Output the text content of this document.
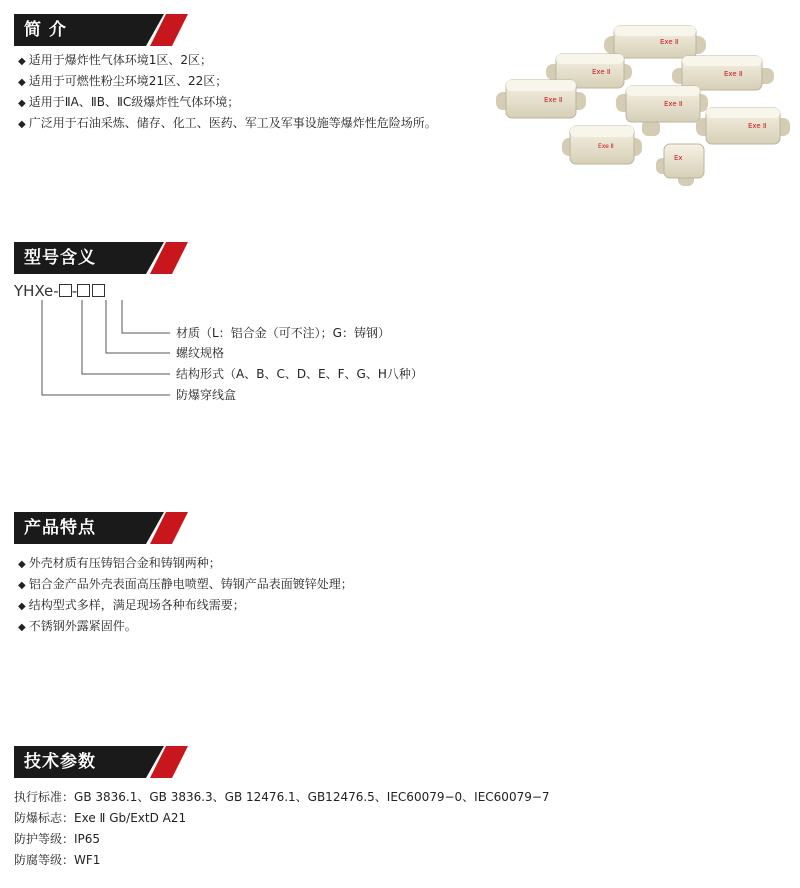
简 介
◆ 适用于爆炸性气体环境1区、2区；
◆ 适用于可燃性粉尘环境21区、22区；
◆ 适用于ⅡA、ⅡB、ⅡC级爆炸性气体环境；
◆ 广泛用于石油采炼、储存、化工、医药、军工及军事设施等爆炸性危险场所。
Exe Ⅱ
Exe Ⅱ	Exe Ⅱ
Exe Ⅱ	Exe Ⅱ
Exe Ⅱ
Exe Ⅱ
Ex
型号含义
YHXe- -
材质（L：铝合金（可不注）；G：铸钢）
螺纹规格
结构形式（A、B、C、D、E、F、G、H八种）
防爆穿线盒
产品特点
◆ 外壳材质有压铸铝合金和铸钢两种；
◆ 铝合金产品外壳表面高压静电喷塑、铸钢产品表面镀锌处理；
◆ 结构型式多样，满足现场各种布线需要；
◆ 不锈钢外露紧固件。
技术参数
执行标准：GB 3836.1、GB 3836.3、GB 12476.1、GB12476.5、IEC60079−0、IEC60079−7
防爆标志：Exe Ⅱ Gb/ExtD A21
防护等级：IP65
防腐等级：WF1
